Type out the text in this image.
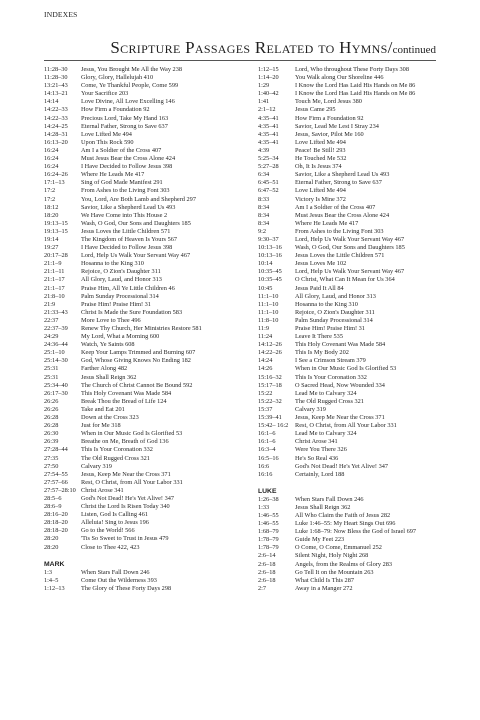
INDEXES
Scripture Passages Related to Hymns/continued
11:28–30	Jesus, You Brought Me All the Way 238
11:28–30	Glory, Glory, Hallelujah 410
13:21–43	Come, Ye Thankful People, Come 599
14:13–21	Your Sacrifice 203
14:14	Love Divine, All Love Excelling 146
14:22–33	How Firm a Foundation 92
14:22–33	Precious Lord, Take My Hand 163
14:24–25	Eternal Father, Strong to Save 637
14:28–31	Love Lifted Me 494
16:13–20	Upon This Rock 590
16:24	Am I a Soldier of the Cross 407
16:24	Must Jesus Bear the Cross Alone 424
16:24	I Have Decided to Follow Jesus 398
16:24–26	Where He Leads Me 417
17:1–13	Sing of God Made Manifest 291
17:2	From Ashes to the Living Font 303
17:2	You, Lord, Are Both Lamb and Shepherd 297
18:12	Savior, Like a Shepherd Lead Us 493
18:20	We Have Come into This House 2
19:13–15	Wash, O God, Our Sons and Daughters 185
19:13–15	Jesus Loves the Little Children 571
19:14	The Kingdom of Heaven Is Yours 567
19:27	I Have Decided to Follow Jesus 398
20:17–28	Lord, Help Us Walk Your Servant Way 467
21:1–9	Hosanna to the King 310
21:1–11	Rejoice, O Zion's Daughter 311
21:1–17	All Glory, Laud, and Honor 313
21:1–17	Praise Him, All Ye Little Children 46
21:8–10	Palm Sunday Processional 314
21:9	Praise Him! Praise Him! 31
21:33–43	Christ Is Made the Sure Foundation 583
22:37	More Love to Thee 496
22:37–39	Renew Thy Church, Her Ministries Restore 581
24:29	My Lord, What a Morning 600
24:36–44	Watch, Ye Saints 608
25:1–10	Keep Your Lamps Trimmed and Burning 607
25:14–30	God, Whose Giving Knows No Ending 182
25:31	Farther Along 482
25:31	Jesus Shall Reign 362
25:34–40	The Church of Christ Cannot Be Bound 592
26:17–30	This Holy Covenant Was Made 584
26:26	Break Thou the Bread of Life 124
26:26	Take and Eat 201
26:28	Down at the Cross 323
26:28	Just for Me 318
26:30	When in Our Music God Is Glorified 53
26:39	Breathe on Me, Breath of God 136
27:28–44	This Is Your Coronation 332
27:35	The Old Rugged Cross 321
27:50	Calvary 319
27:54–55	Jesus, Keep Me Near the Cross 371
27:57–66	Rest, O Christ, from All Your Labor 331
27:57–28:10 Christ Arose 341
28:5–6	God's Not Dead! He's Yet Alive! 347
28:6–9	Christ the Lord Is Risen Today 340
28:16–20	Listen, God Is Calling 461
28:18–20	Alleluia! Sing to Jesus 196
28:18–20	Go to the World! 566
28:20	'Tis So Sweet to Trust in Jesus 479
28:20	Close to Thee 422, 423
MARK
1:3	When Stars Fall Down 246
1:4–5	Come Out the Wilderness 393
1:12–13	The Glory of These Forty Days 298
1:12–15	Lord, Who throughout These Forty Days 308
1:14–20	You Walk along Our Shoreline 446
1:29	I Know the Lord Has Laid His Hands on Me 86
1:40–42	I Know the Lord Has Laid His Hands on Me 86
1:41	Touch Me, Lord Jesus 380
2:1–12	Jesus Came 295
4:35–41	How Firm a Foundation 92
4:35–41	Savior, Lead Me Lest I Stray 234
4:35–41	Jesus, Savior, Pilot Me 160
4:35–41	Love Lifted Me 494
4:39	Peace! Be Still! 293
5:25–34	He Touched Me 532
5:27–28	Oh, It Is Jesus 374
6:34	Savior, Like a Shepherd Lead Us 493
6:45–51	Eternal Father, Strong to Save 637
6:47–52	Love Lifted Me 494
8:33	Victory Is Mine 372
8:34	Am I a Soldier of the Cross 407
8:34	Must Jesus Bear the Cross Alone 424
8:34	Where He Leads Me 417
9:2	From Ashes to the Living Font 303
9:30–37	Lord, Help Us Walk Your Servant Way 467
10:13–16	Wash, O God, Our Sons and Daughters 185
10:13–16	Jesus Loves the Little Children 571
10:14	Jesus Loves Me 102
10:35–45	Lord, Help Us Walk Your Servant Way 467
10:35–45	O Christ, What Can It Mean for Us 364
10:45	Jesus Paid It All 84
11:1–10	All Glory, Laud, and Honor 313
11:1–10	Hosanna to the King 310
11:1–10	Rejoice, O Zion's Daughter 311
11:8–10	Palm Sunday Processional 314
11:9	Praise Him! Praise Him! 31
11:24	Leave It There 535
14:12–26	This Holy Covenant Was Made 584
14:22–26	This Is My Body 202
14:24	I See a Crimson Stream 379
14:26	When in Our Music God Is Glorified 53
15:16–32	This Is Your Coronation 332
15:17–18	O Sacred Head, Now Wounded 334
15:22	Lead Me to Calvary 324
15:22–32	The Old Rugged Cross 321
15:37	Calvary 319
15:39–41	Jesus, Keep Me Near the Cross 371
15:42– 16:2	Rest, O Christ, from All Your Labor 331
16:1–6	Lead Me to Calvary 324
16:1–6	Christ Arose 341
16:3–4	Were You There 326
16:5–16	He's So Real 436
16:6	God's Not Dead! He's Yet Alive! 347
16:16	Certainly, Lord 188
LUKE
1:26–38	When Stars Fall Down 246
1:33	Jesus Shall Reign 362
1:46–55	All Who Claim the Faith of Jesus 282
1:46–55	Luke 1:46–55: My Heart Sings Out 696
1:68–79	Luke 1:68–79: Now Bless the God of Israel 697
1:78–79	Guide My Feet 223
1:78–79	O Come, O Come, Emmanuel 252
2:6–14	Silent Night, Holy Night 268
2:6–18	Angels, from the Realms of Glory 283
2:6–18	Go Tell It on the Mountain 263
2:6–18	What Child Is This 287
2:7	Away in a Manger 272
